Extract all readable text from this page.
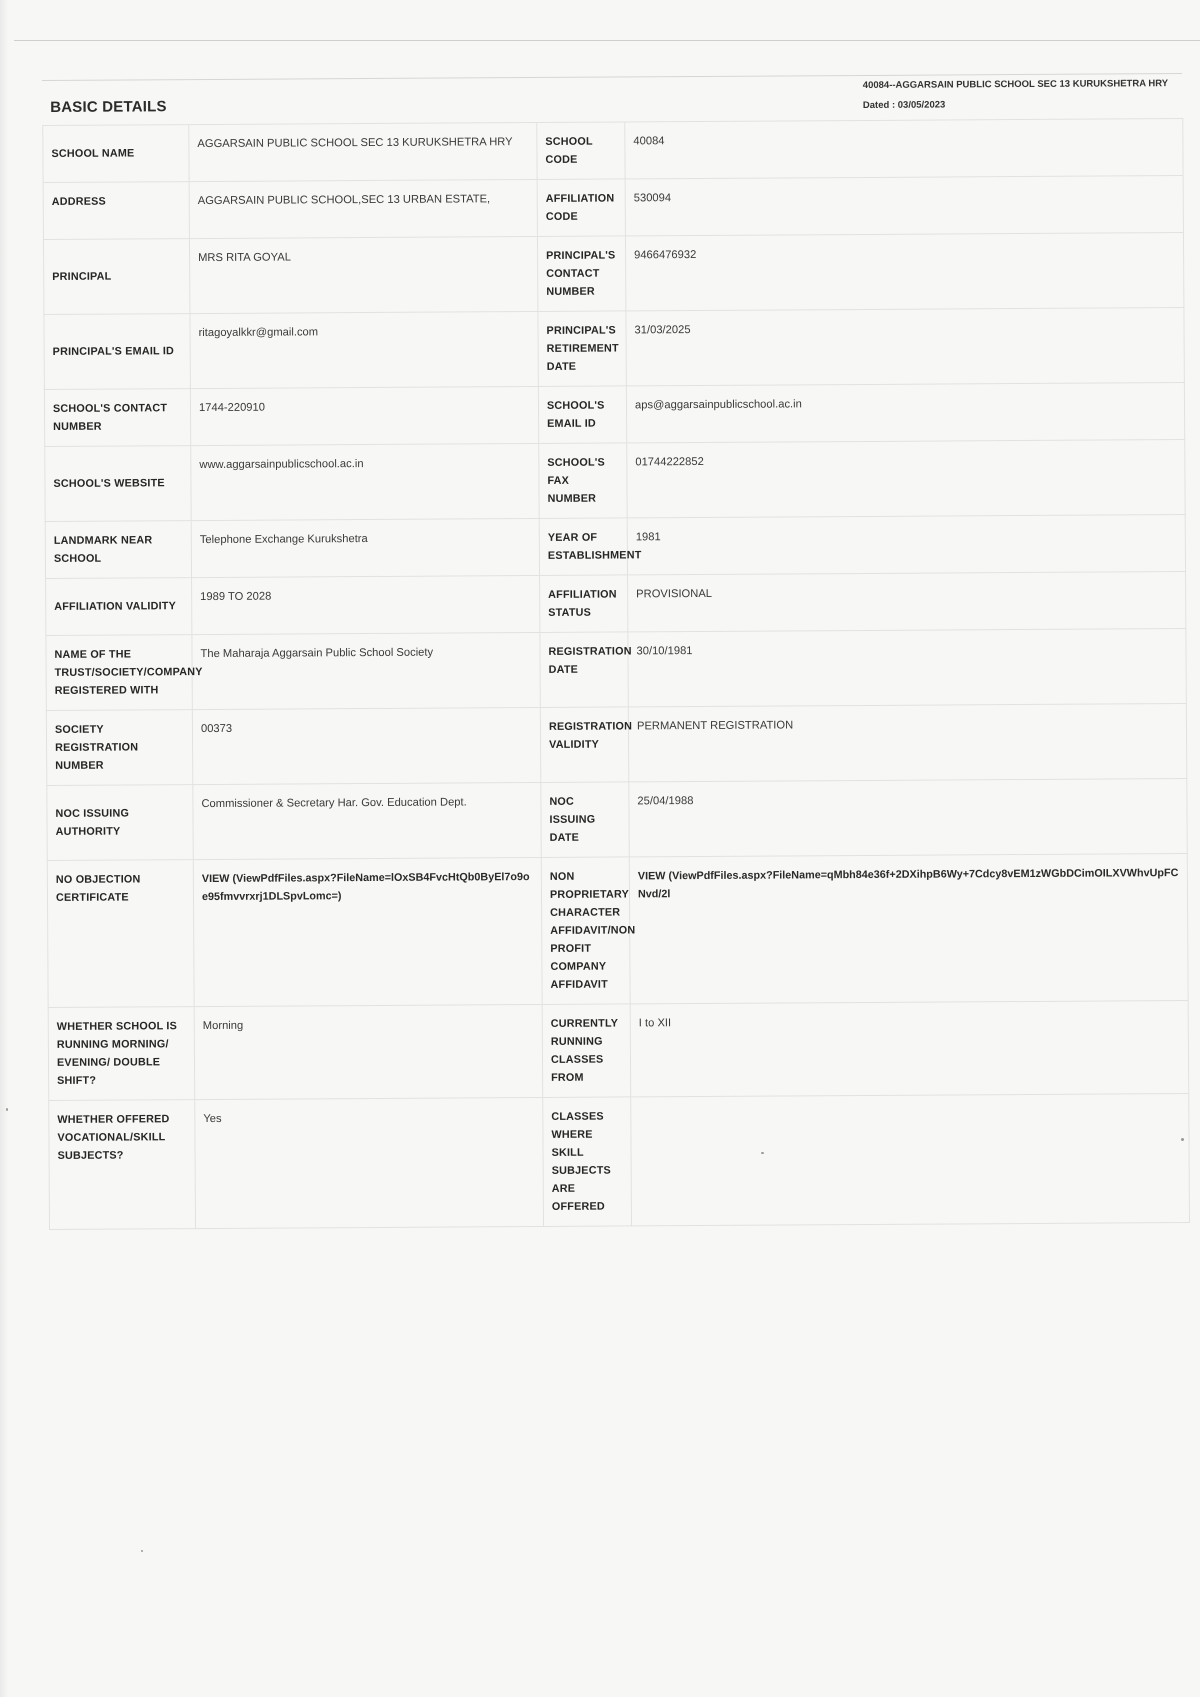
BASIC DETAILS
40084--AGGARSAIN PUBLIC SCHOOL SEC 13 KURUKSHETRA HRY
Dated : 03/05/2023
SCHOOL NAME	AGGARSAIN PUBLIC SCHOOL SEC 13 KURUKSHETRA HRY	SCHOOL CODE	40084
ADDRESS	AGGARSAIN PUBLIC SCHOOL,SEC 13 URBAN ESTATE,	AFFILIATION CODE	530094
PRINCIPAL	MRS RITA GOYAL	PRINCIPAL'S CONTACT NUMBER	9466476932
PRINCIPAL'S EMAIL ID	ritagoyalkkr@gmail.com	PRINCIPAL'S RETIREMENT DATE	31/03/2025
SCHOOL'S CONTACT NUMBER	1744-220910	SCHOOL'S EMAIL ID	aps@aggarsainpublicschool.ac.in
SCHOOL'S WEBSITE	www.aggarsainpublicschool.ac.in	SCHOOL'S FAX NUMBER	01744222852
LANDMARK NEAR SCHOOL	Telephone Exchange Kurukshetra	YEAR OF ESTABLISHMENT	1981
AFFILIATION VALIDITY	1989 TO 2028	AFFILIATION STATUS	PROVISIONAL
NAME OF THE TRUST/SOCIETY/COMPANY REGISTERED WITH	The Maharaja Aggarsain Public School Society	REGISTRATION DATE	30/10/1981
SOCIETY REGISTRATION NUMBER	00373	REGISTRATION VALIDITY	PERMANENT REGISTRATION
NOC ISSUING AUTHORITY	Commissioner & Secretary Har. Gov. Education Dept.	NOC ISSUING DATE	25/04/1988
NO OBJECTION CERTIFICATE	VIEW (ViewPdfFiles.aspx?FileName=lOxSB4FvcHtQb0ByEl7o9oe95fmvvrxrj1DLSpvLomc=)	NON PROPRIETARY CHARACTER AFFIDAVIT/NON PROFIT COMPANY AFFIDAVIT	VIEW (ViewPdfFiles.aspx?FileName=qMbh84e36f+2DXihpB6Wy+7Cdcy8vEM1zWGbDCimOILXVWhvUpFCNvd/2l
WHETHER SCHOOL IS RUNNING MORNING/ EVENING/ DOUBLE SHIFT?	Morning	CURRENTLY RUNNING CLASSES FROM	I to XII
WHETHER OFFERED VOCATIONAL/SKILL SUBJECTS?	Yes	CLASSES WHERE SKILL SUBJECTS ARE OFFERED	
